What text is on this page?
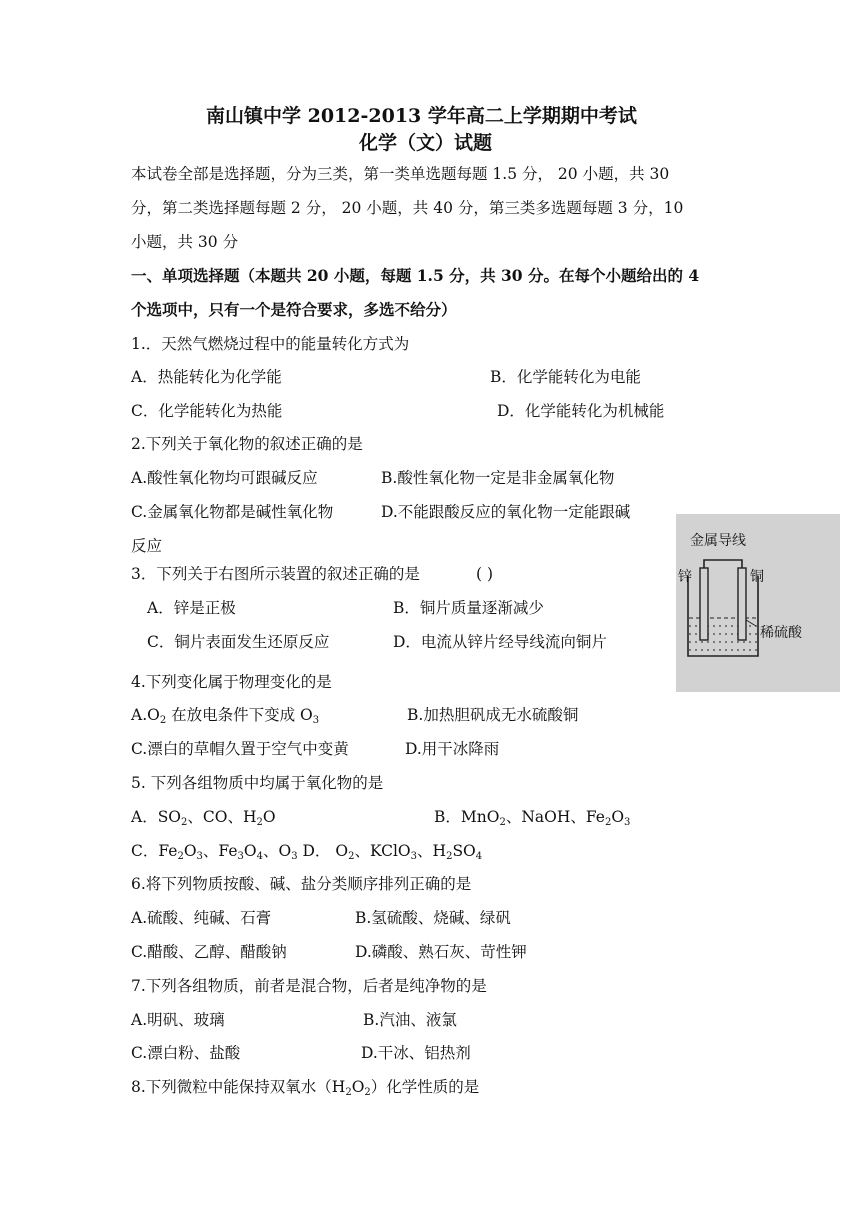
南山镇中学 2012-2013 学年高二上学期期中考试
化学（文）试题
本试卷全部是选择题，分为三类，第一类单选题每题 1.5 分， 20 小题，共 30
分，第二类选择题每题 2 分， 20 小题，共 40 分，第三类多选题每题 3 分，10
小题，共 30 分
一、单项选择题（本题共 20 小题，每题 1.5 分，共 30 分。在每个小题给出的 4
个选项中，只有一个是符合要求，多选不给分）
1.．天然气燃烧过程中的能量转化方式为
A．热能转化为化学能	B．化学能转化为电能
C．化学能转化为热能	D．化学能转化为机械能
2.下列关于氧化物的叙述正确的是
A.酸性氧化物均可跟碱反应	B.酸性氧化物一定是非金属氧化物
C.金属氧化物都是碱性氧化物	D.不能跟酸反应的氧化物一定能跟碱
反应
3．下列关于右图所示装置的叙述正确的是	( )
A．锌是正极	B．铜片质量逐渐减少
C．铜片表面发生还原反应	D．电流从锌片经导线流向铜片
金属导线
锌	铜
稀硫酸
4.下列变化属于物理变化的是
$A.O_2$ 在放电条件下变成 $O_3$	B.加热胆矾成无水硫酸铜
C.漂白的草帽久置于空气中变黄	D.用干冰降雨
5. 下列各组物质中均属于氧化物的是
A．$SO_2$、CO、$H_2O$	B．MnO$_2$、NaOH、$Fe_2O_3$
C．$Fe_2O_3$、$Fe_3O_4$、$O_3$ D． $O_2$、KClO$_3$、$H_2SO_4$
6.将下列物质按酸、碱、盐分类顺序排列正确的是
A.硫酸、纯碱、石膏	B.氢硫酸、烧碱、绿矾
C.醋酸、乙醇、醋酸钠	D.磷酸、熟石灰、苛性钾
7.下列各组物质，前者是混合物，后者是纯净物的是
A.明矾、玻璃	B.汽油、液氯
C.漂白粉、盐酸	D.干冰、铝热剂
8.下列微粒中能保持双氧水$(H_2O_2)$化学性质的是
